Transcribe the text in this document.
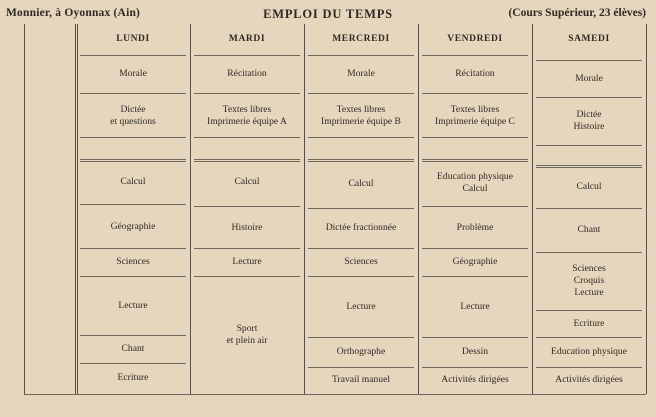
Monnier, à Oyonnax (Ain)	EMPLOI DU TEMPS	(Cours Supérieur, 23 élèves)
LUNDI
Morale
Dictée
et questions
Calcul
Géographie
Sciences
Lecture
Chant
Ecriture
MARDI
Récitation
Textes libres
Imprimerie équipe A
Calcul
Histoire
Lecture
Sport
et plein air
MERCREDI
Morale
Textes libres
Imprimerie équipe B
Calcul
Dictée fractionnée
Sciences
Lecture
Orthographe
Travail manuel
VENDREDI
Récitation
Textes libres
Imprimerie équipe C
Education physique
Calcul
Problème
Géographie
Lecture
Dessin
Activités dirigées
SAMEDI
Morale
Dictée
Histoire
Calcul
Chant
Sciences
Croquis
Lecture
Ecriture
Education physique
Activités dirigées
